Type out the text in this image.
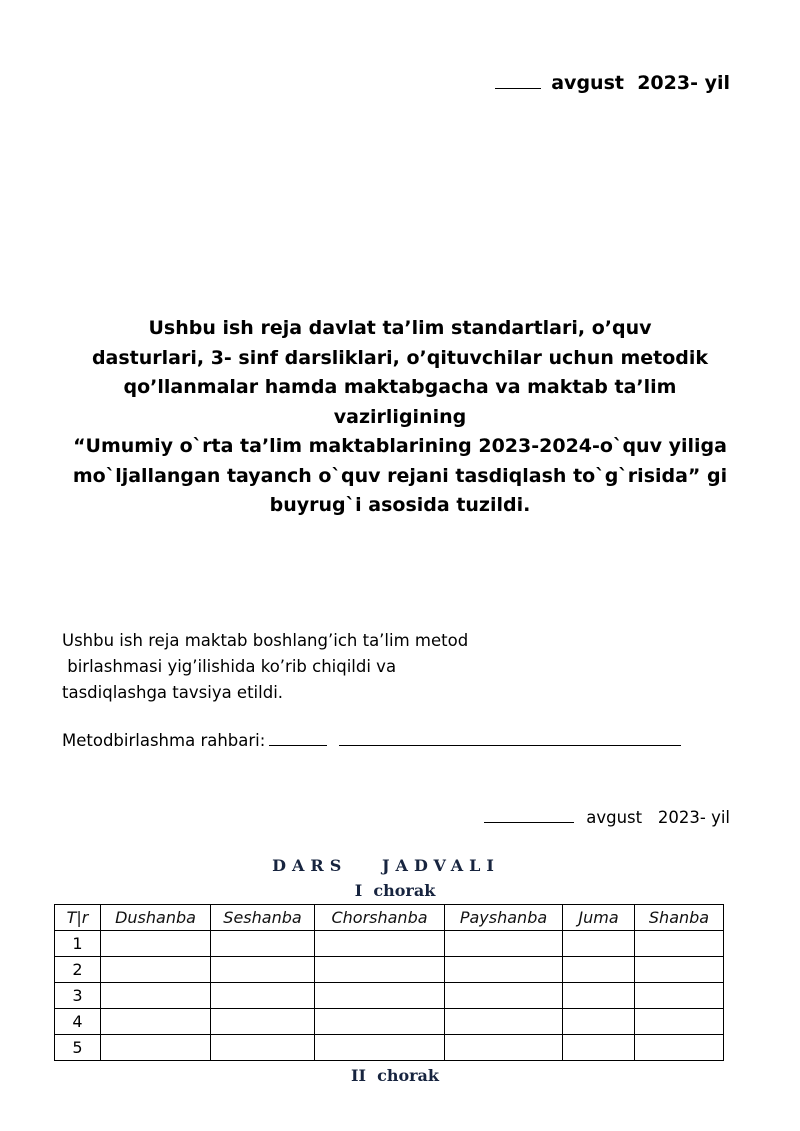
avgust 2023- yil
Ushbu ish reja davlat ta’lim standartlari, o’quv
dasturlari, 3- sinf darsliklari, o’qituvchilar uchun metodik
qo’llanmalar hamda maktabgacha va maktab ta’lim
vazirligining
“Umumiy o`rta ta’lim maktablarining 2023-2024-o`quv yiliga
mo`ljallangan tayanch o`quv rejani tasdiqlash to`g`risida” gi
buyrug`i asosida tuzildi.
Ushbu ish reja maktab boshlang’ich ta’lim metod
birlashmasi yig’ilishida ko’rib chiqildi va
tasdiqlashga tavsiya etildi.
Metodbirlashma rahbari:
avgust 2023- yil
DARS   JADVALI
I  chorak
T|r	Dushanba	Seshanba	Chorshanba	Payshanba	Juma	Shanba
1						
2						
3						
4						
5						
II  chorak
